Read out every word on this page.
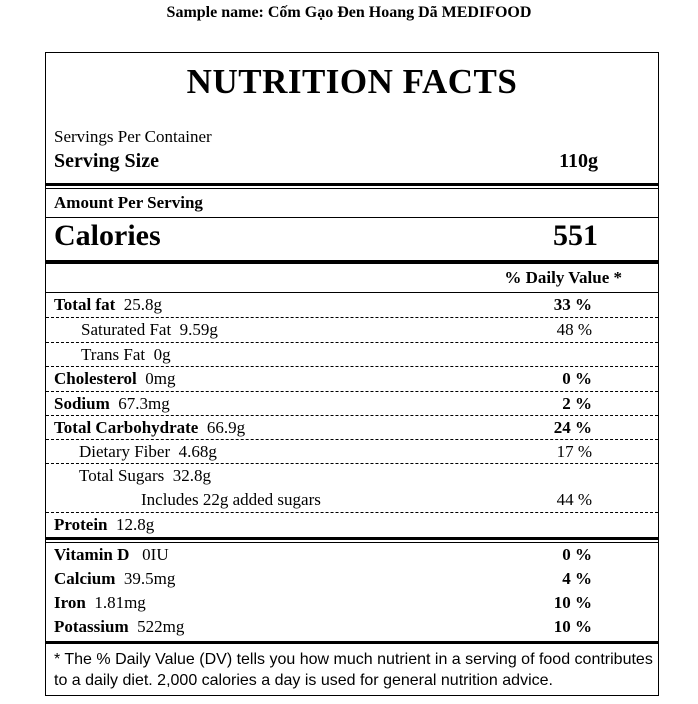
Sample name: Cốm Gạo Đen Hoang Dã MEDIFOOD
NUTRITION FACTS
Servings Per Container
Serving Size	110g
Amount Per Serving
Calories	551
% Daily Value *
Total fat 25.8g	33 %
Saturated Fat 9.59g	48 %
Trans Fat 0g
Cholesterol 0mg	0 %
Sodium 67.3mg	2 %
Total Carbohydrate 66.9g	24 %
Dietary Fiber 4.68g	17 %
Total Sugars 32.8g
Includes 22g added sugars	44 %
Protein 12.8g
Vitamin D 0IU	0 %
Calcium 39.5mg	4 %
Iron 1.81mg	10 %
Potassium 522mg	10 %
* The % Daily Value (DV) tells you how much nutrient in a serving of food contributes to a daily diet. 2,000 calories a day is used for general nutrition advice.
